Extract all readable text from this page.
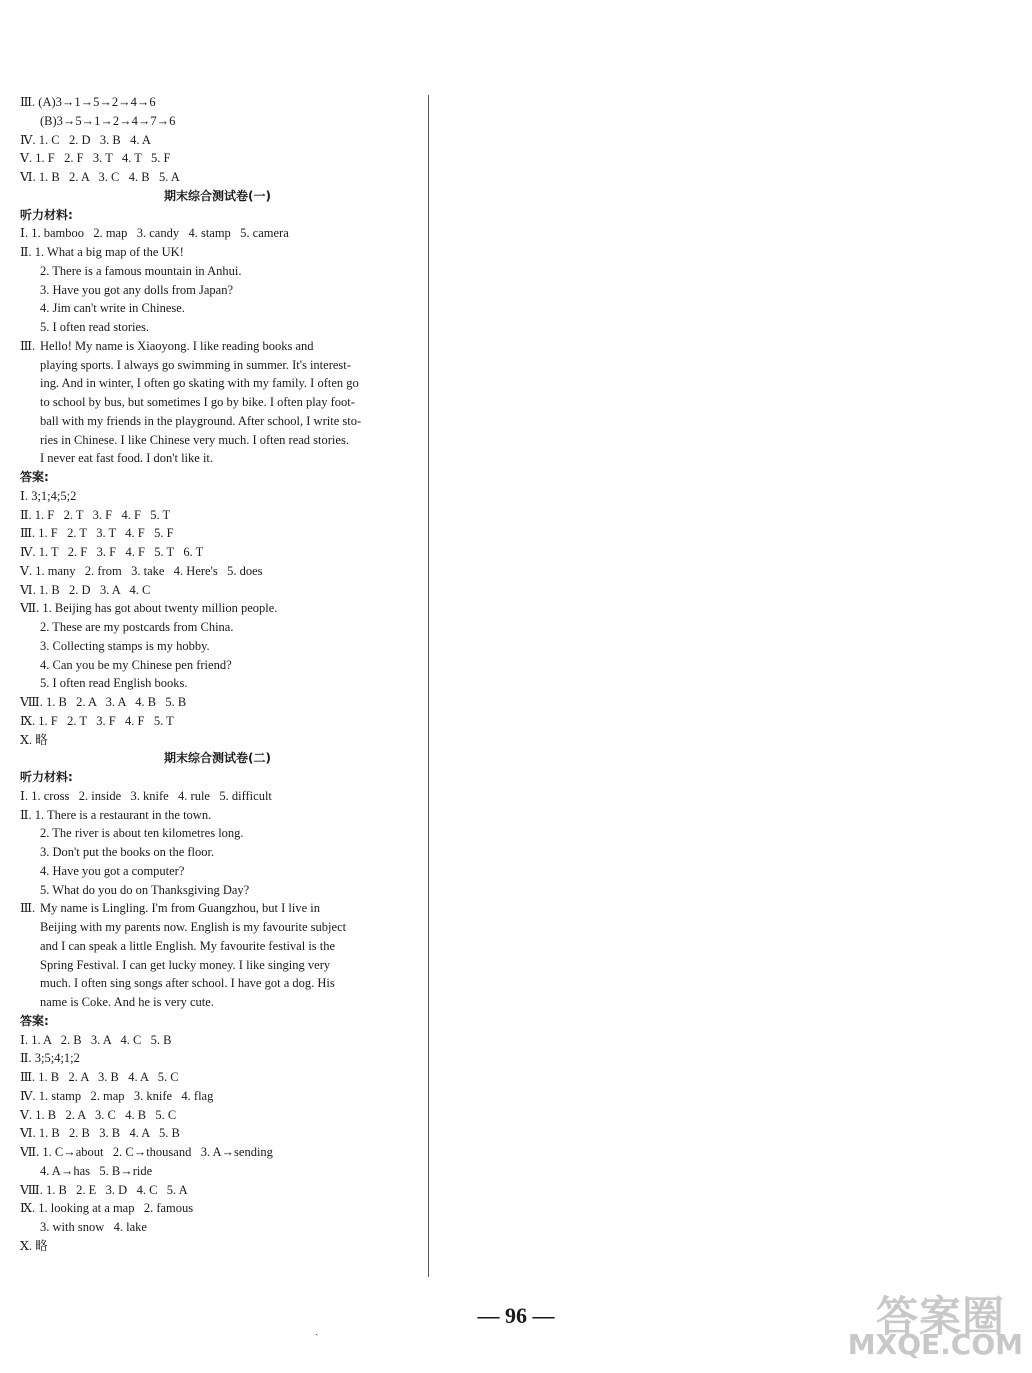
Ⅲ. (A)3→1→5→2→4→6
(B)3→5→1→2→4→7→6
Ⅳ. 1. C   2. D   3. B   4. A
Ⅴ. 1. F   2. F   3. T   4. T   5. F
Ⅵ. 1. B   2. A   3. C   4. B   5. A
期末综合测试卷(一)
听力材料:
Ⅰ. 1. bamboo   2. map   3. candy   4. stamp   5. camera
Ⅱ. 1. What a big map of the UK!
2. There is a famous mountain in Anhui.
3. Have you got any dolls from Japan?
4. Jim can't write in Chinese.
5. I often read stories.
Ⅲ. Hello! My name is Xiaoyong. I like reading books and
playing sports. I always go swimming in summer. It's interest-
ing. And in winter, I often go skating with my family. I often go
to school by bus, but sometimes I go by bike. I often play foot-
ball with my friends in the playground. After school, I write sto-
ries in Chinese. I like Chinese very much. I often read stories.
I never eat fast food. I don't like it.
答案:
Ⅰ. 3;1;4;5;2
Ⅱ. 1. F   2. T   3. F   4. F   5. T
Ⅲ. 1. F   2. T   3. T   4. F   5. F
Ⅳ. 1. T   2. F   3. F   4. F   5. T   6. T
Ⅴ. 1. many   2. from   3. take   4. Here's   5. does
Ⅵ. 1. B   2. D   3. A   4. C
Ⅶ. 1. Beijing has got about twenty million people.
2. These are my postcards from China.
3. Collecting stamps is my hobby.
4. Can you be my Chinese pen friend?
5. I often read English books.
Ⅷ. 1. B   2. A   3. A   4. B   5. B
Ⅸ. 1. F   2. T   3. F   4. F   5. T
Ⅹ. 略
期末综合测试卷(二)
听力材料:
Ⅰ. 1. cross   2. inside   3. knife   4. rule   5. difficult
Ⅱ. 1. There is a restaurant in the town.
2. The river is about ten kilometres long.
3. Don't put the books on the floor.
4. Have you got a computer?
5. What do you do on Thanksgiving Day?
Ⅲ. My name is Lingling. I'm from Guangzhou, but I live in
Beijing with my parents now. English is my favourite subject
and I can speak a little English. My favourite festival is the
Spring Festival. I can get lucky money. I like singing very
much. I often sing songs after school. I have got a dog. His
name is Coke. And he is very cute.
答案:
Ⅰ. 1. A   2. B   3. A   4. C   5. B
Ⅱ. 3;5;4;1;2
Ⅲ. 1. B   2. A   3. B   4. A   5. C
Ⅳ. 1. stamp   2. map   3. knife   4. flag
Ⅴ. 1. B   2. A   3. C   4. B   5. C
Ⅵ. 1. B   2. B   3. B   4. A   5. B
Ⅶ. 1. C→about   2. C→thousand   3. A→sending
4. A→has   5. B→ride
Ⅷ. 1. B   2. E   3. D   4. C   5. A
Ⅸ. 1. looking at a map   2. famous
3. with snow   4. lake
Ⅹ. 略
— 96 —
ˎ	答案圈
MXQE.COM
